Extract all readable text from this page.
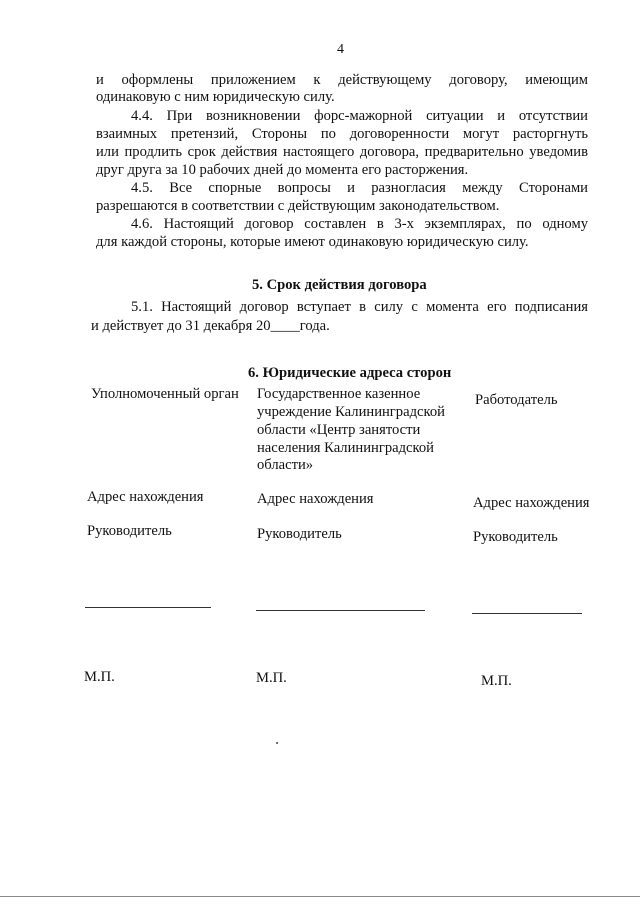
4
и оформлены приложением к действующему договору, имеющим
одинаковую с ним юридическую силу.
4.4. При возникновении форс-мажорной ситуации и отсутствии
взаимных претензий, Стороны по договоренности могут расторгнуть
или продлить срок действия настоящего договора, предварительно уведомив
друг друга за 10 рабочих дней до момента его расторжения.
4.5. Все спорные вопросы и разногласия между Сторонами
разрешаются в соответствии с действующим законодательством.
4.6. Настоящий договор составлен в 3-х экземплярах, по одному
для каждой стороны, которые имеют одинаковую юридическую силу.
5. Срок действия договора
5.1. Настоящий договор вступает в силу с момента его подписания
и действует до 31 декабря 20____года.
6. Юридические адреса сторон
Уполномоченный орган
Адрес нахождения
Руководитель
М.П.
Государственное казенное
учреждение Калининградской
области «Центр занятости
населения Калининградской
области»
Адрес нахождения
Руководитель
М.П.
Работодатель
Адрес нахождения
Руководитель
М.П.
